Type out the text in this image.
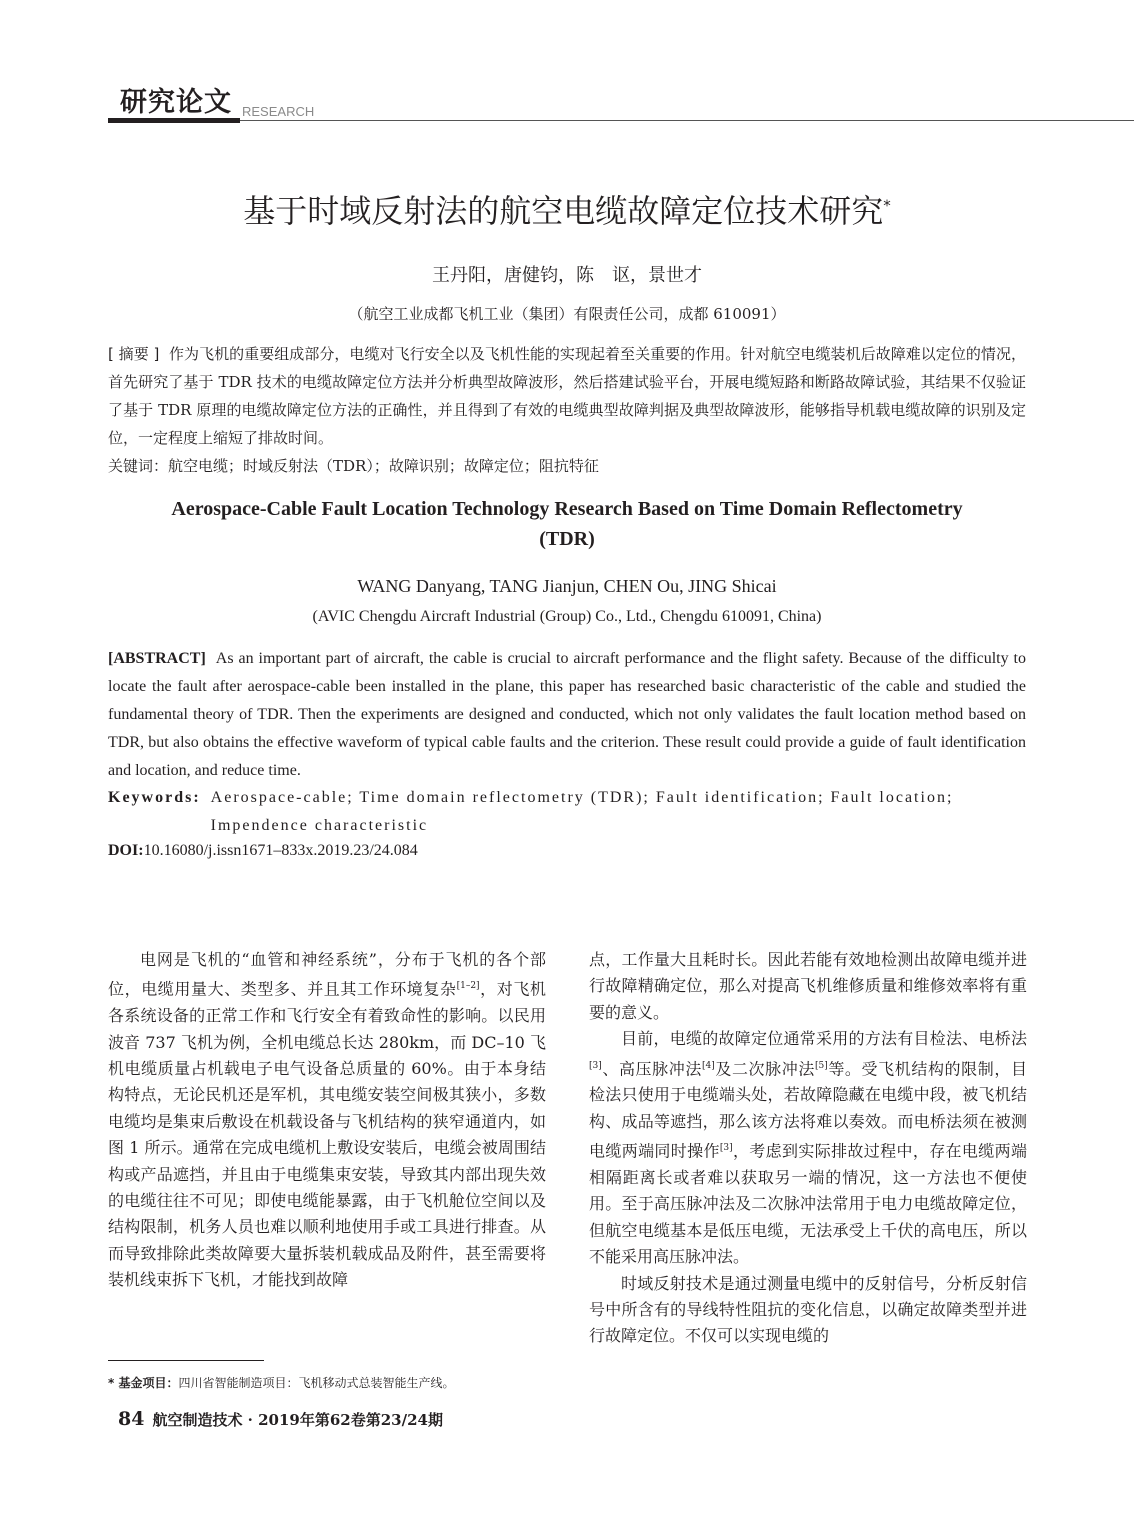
研究论文 RESEARCH
基于时域反射法的航空电缆故障定位技术研究*
王丹阳，唐健钧，陈　讴，景世才
（航空工业成都飞机工业（集团）有限责任公司，成都 610091）
[ 摘要 ] 作为飞机的重要组成部分，电缆对飞行安全以及飞机性能的实现起着至关重要的作用。针对航空电缆装机后故障难以定位的情况，首先研究了基于 TDR 技术的电缆故障定位方法并分析典型故障波形，然后搭建试验平台，开展电缆短路和断路故障试验，其结果不仅验证了基于 TDR 原理的电缆故障定位方法的正确性，并且得到了有效的电缆典型故障判据及典型故障波形，能够指导机载电缆故障的识别及定位，一定程度上缩短了排故时间。
关键词：航空电缆；时域反射法（TDR）；故障识别；故障定位；阻抗特征
Aerospace-Cable Fault Location Technology Research Based on Time Domain Reflectometry (TDR)
WANG Danyang, TANG Jianjun, CHEN Ou, JING Shicai
(AVIC Chengdu Aircraft Industrial (Group) Co., Ltd., Chengdu 610091, China)
[ABSTRACT] As an important part of aircraft, the cable is crucial to aircraft performance and the flight safety. Because of the difficulty to locate the fault after aerospace-cable been installed in the plane, this paper has researched basic characteristic of the cable and studied the fundamental theory of TDR. Then the experiments are designed and conducted, which not only validates the fault location method based on TDR, but also obtains the effective waveform of typical cable faults and the criterion. These result could provide a guide of fault identification and location, and reduce time.
Keywords: Aerospace-cable; Time domain reflectometry (TDR); Fault identification; Fault location; Impendence characteristic
DOI:10.16080/j.issn1671–833x.2019.23/24.084

电网是飞机的“血管和神经系统”，分布于飞机的各个部位，电缆用量大、类型多、并且其工作环境复杂[1–2]，对飞机各系统设备的正常工作和飞行安全有着致命性的影响。以民用波音 737 飞机为例，全机电缆总长达 280km，而 DC–10 飞机电缆质量占机载电子电气设备总质量的 60%。由于本身结构特点，无论民机还是军机，其电缆安装空间极其狭小，多数电缆均是集束后敷设在机载设备与飞机结构的狭窄通道内，如图 1 所示。通常在完成电缆机上敷设安装后，电缆会被周围结构或产品遮挡，并且由于电缆集束安装，导致其内部出现失效的电缆往往不可见；即使电缆能暴露，由于飞机舱位空间以及结构限制，机务人员也难以顺利地使用手或工具进行排查。从而导致排除此类故障要大量拆装机载成品及附件，甚至需要将装机线束拆下飞机，才能找到故障

点，工作量大且耗时长。因此若能有效地检测出故障电缆并进行故障精确定位，那么对提高飞机维修质量和维修效率将有重要的意义。

目前，电缆的故障定位通常采用的方法有目检法、电桥法[3]、高压脉冲法[4]及二次脉冲法[5]等。受飞机结构的限制，目检法只使用于电缆端头处，若故障隐藏在电缆中段，被飞机结构、成品等遮挡，那么该方法将难以奏效。而电桥法须在被测电缆两端同时操作[3]，考虑到实际排故过程中，存在电缆两端相隔距离长或者难以获取另一端的情况，这一方法也不便使用。至于高压脉冲法及二次脉冲法常用于电力电缆故障定位，但航空电缆基本是低压电缆，无法承受上千伏的高电压，所以不能采用高压脉冲法。

时域反射技术是通过测量电缆中的反射信号，分析反射信号中所含有的导线特性阻抗的变化信息，以确定故障类型并进行故障定位。不仅可以实现电缆的

* 基金项目：四川省智能制造项目：飞机移动式总装智能生产线。
84 航空制造技术 · 2019年第62卷第23/24期
